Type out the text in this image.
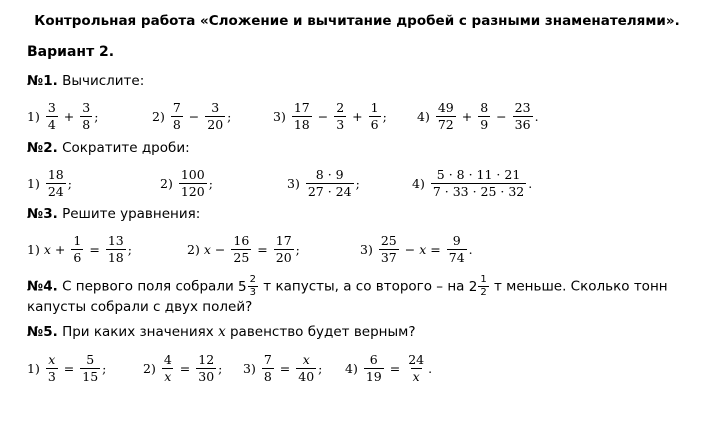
Контрольная работа «Сложение и вычитание дробей с разными знаменателями».
Вариант 2.
№1. Вычислите:
1)

3
4
+ $\frac{3}{8}$ ;	2)

7
8
− $\frac{3}{20}$ ;	3)

17
18
− $\frac{2}{3} + \frac{1}{6}$ ; 4)

49
72
+ $\frac{8}{9} - \frac{23}{36}$ .
№2. Сократите дроби:
1)

18
24
;	2)

100
120
;	3)

8 · 9
27 · 24
;	4)

5 · 8 · 11 · 21
7 · 33 · 25 · 32
.
№3. Решите уравнения:
1)
$x + \frac{1}{6} = \frac{13}{18}$ ;	2)
$x - \frac{16}{25} = \frac{17}{20}$ ;	3)

25
37
− $x = \frac{9}{74}$ .
№4. С первого поля собрали 5 2
3 т капусты, а со второго – на 2 1
2 т меньше. Сколько тонн
капусты собрали с двух полей?
№5. При каких значениях x равенство будет верным?
1)
$\frac{x}{3} = \frac{5}{15}$ ;	2)
$\frac{4}{x} = \frac{12}{30}$ ; 3)
$\frac{7}{8} = \frac{x}{40}$ ; 4)
$\frac{6}{19} = \frac{24}{x}$ .
